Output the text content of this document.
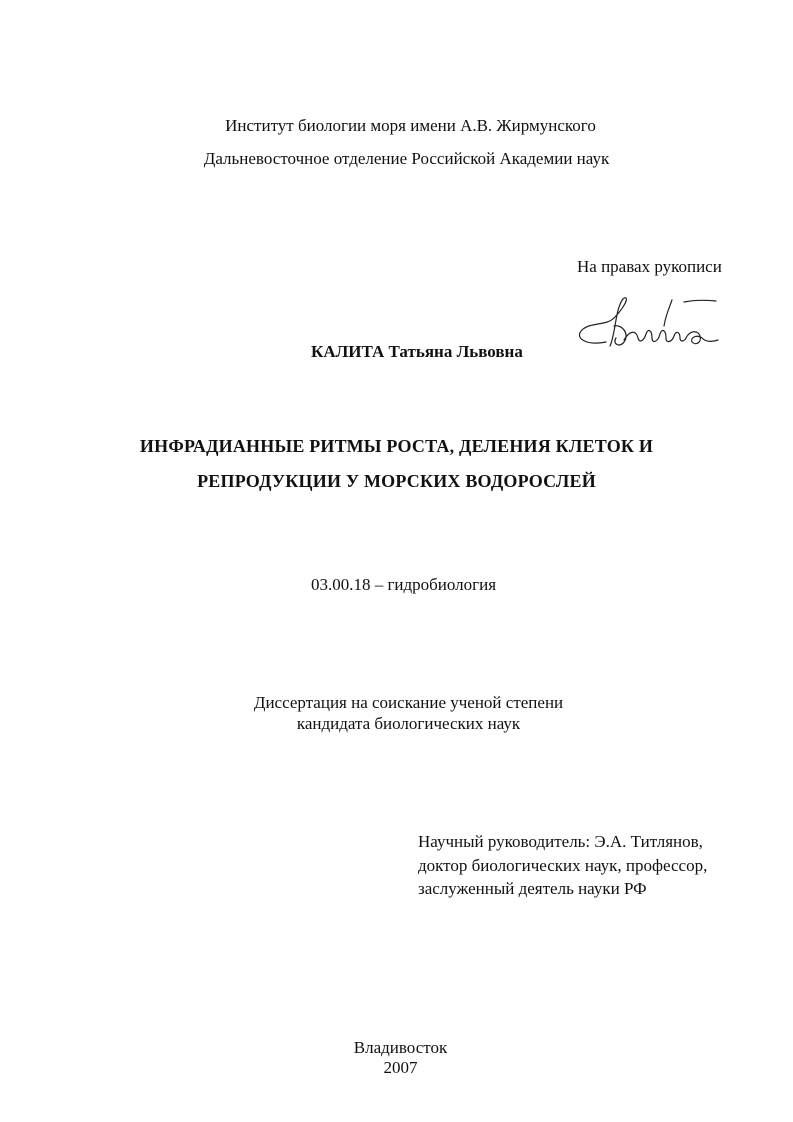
Институт биологии моря имени А.В. Жирмунского
Дальневосточное отделение Российской Академии наук
На правах рукописи
КАЛИТА Татьяна Львовна
ИНФРАДИАННЫЕ РИТМЫ РОСТА, ДЕЛЕНИЯ КЛЕТОК И
РЕПРОДУКЦИИ У МОРСКИХ ВОДОРОСЛЕЙ
03.00.18 – гидробиология
Диссертация на соискание ученой степени
кандидата биологических наук
Научный руководитель: Э.А. Титлянов,
доктор биологических наук, профессор,
заслуженный деятель науки РФ
Владивосток
2007
